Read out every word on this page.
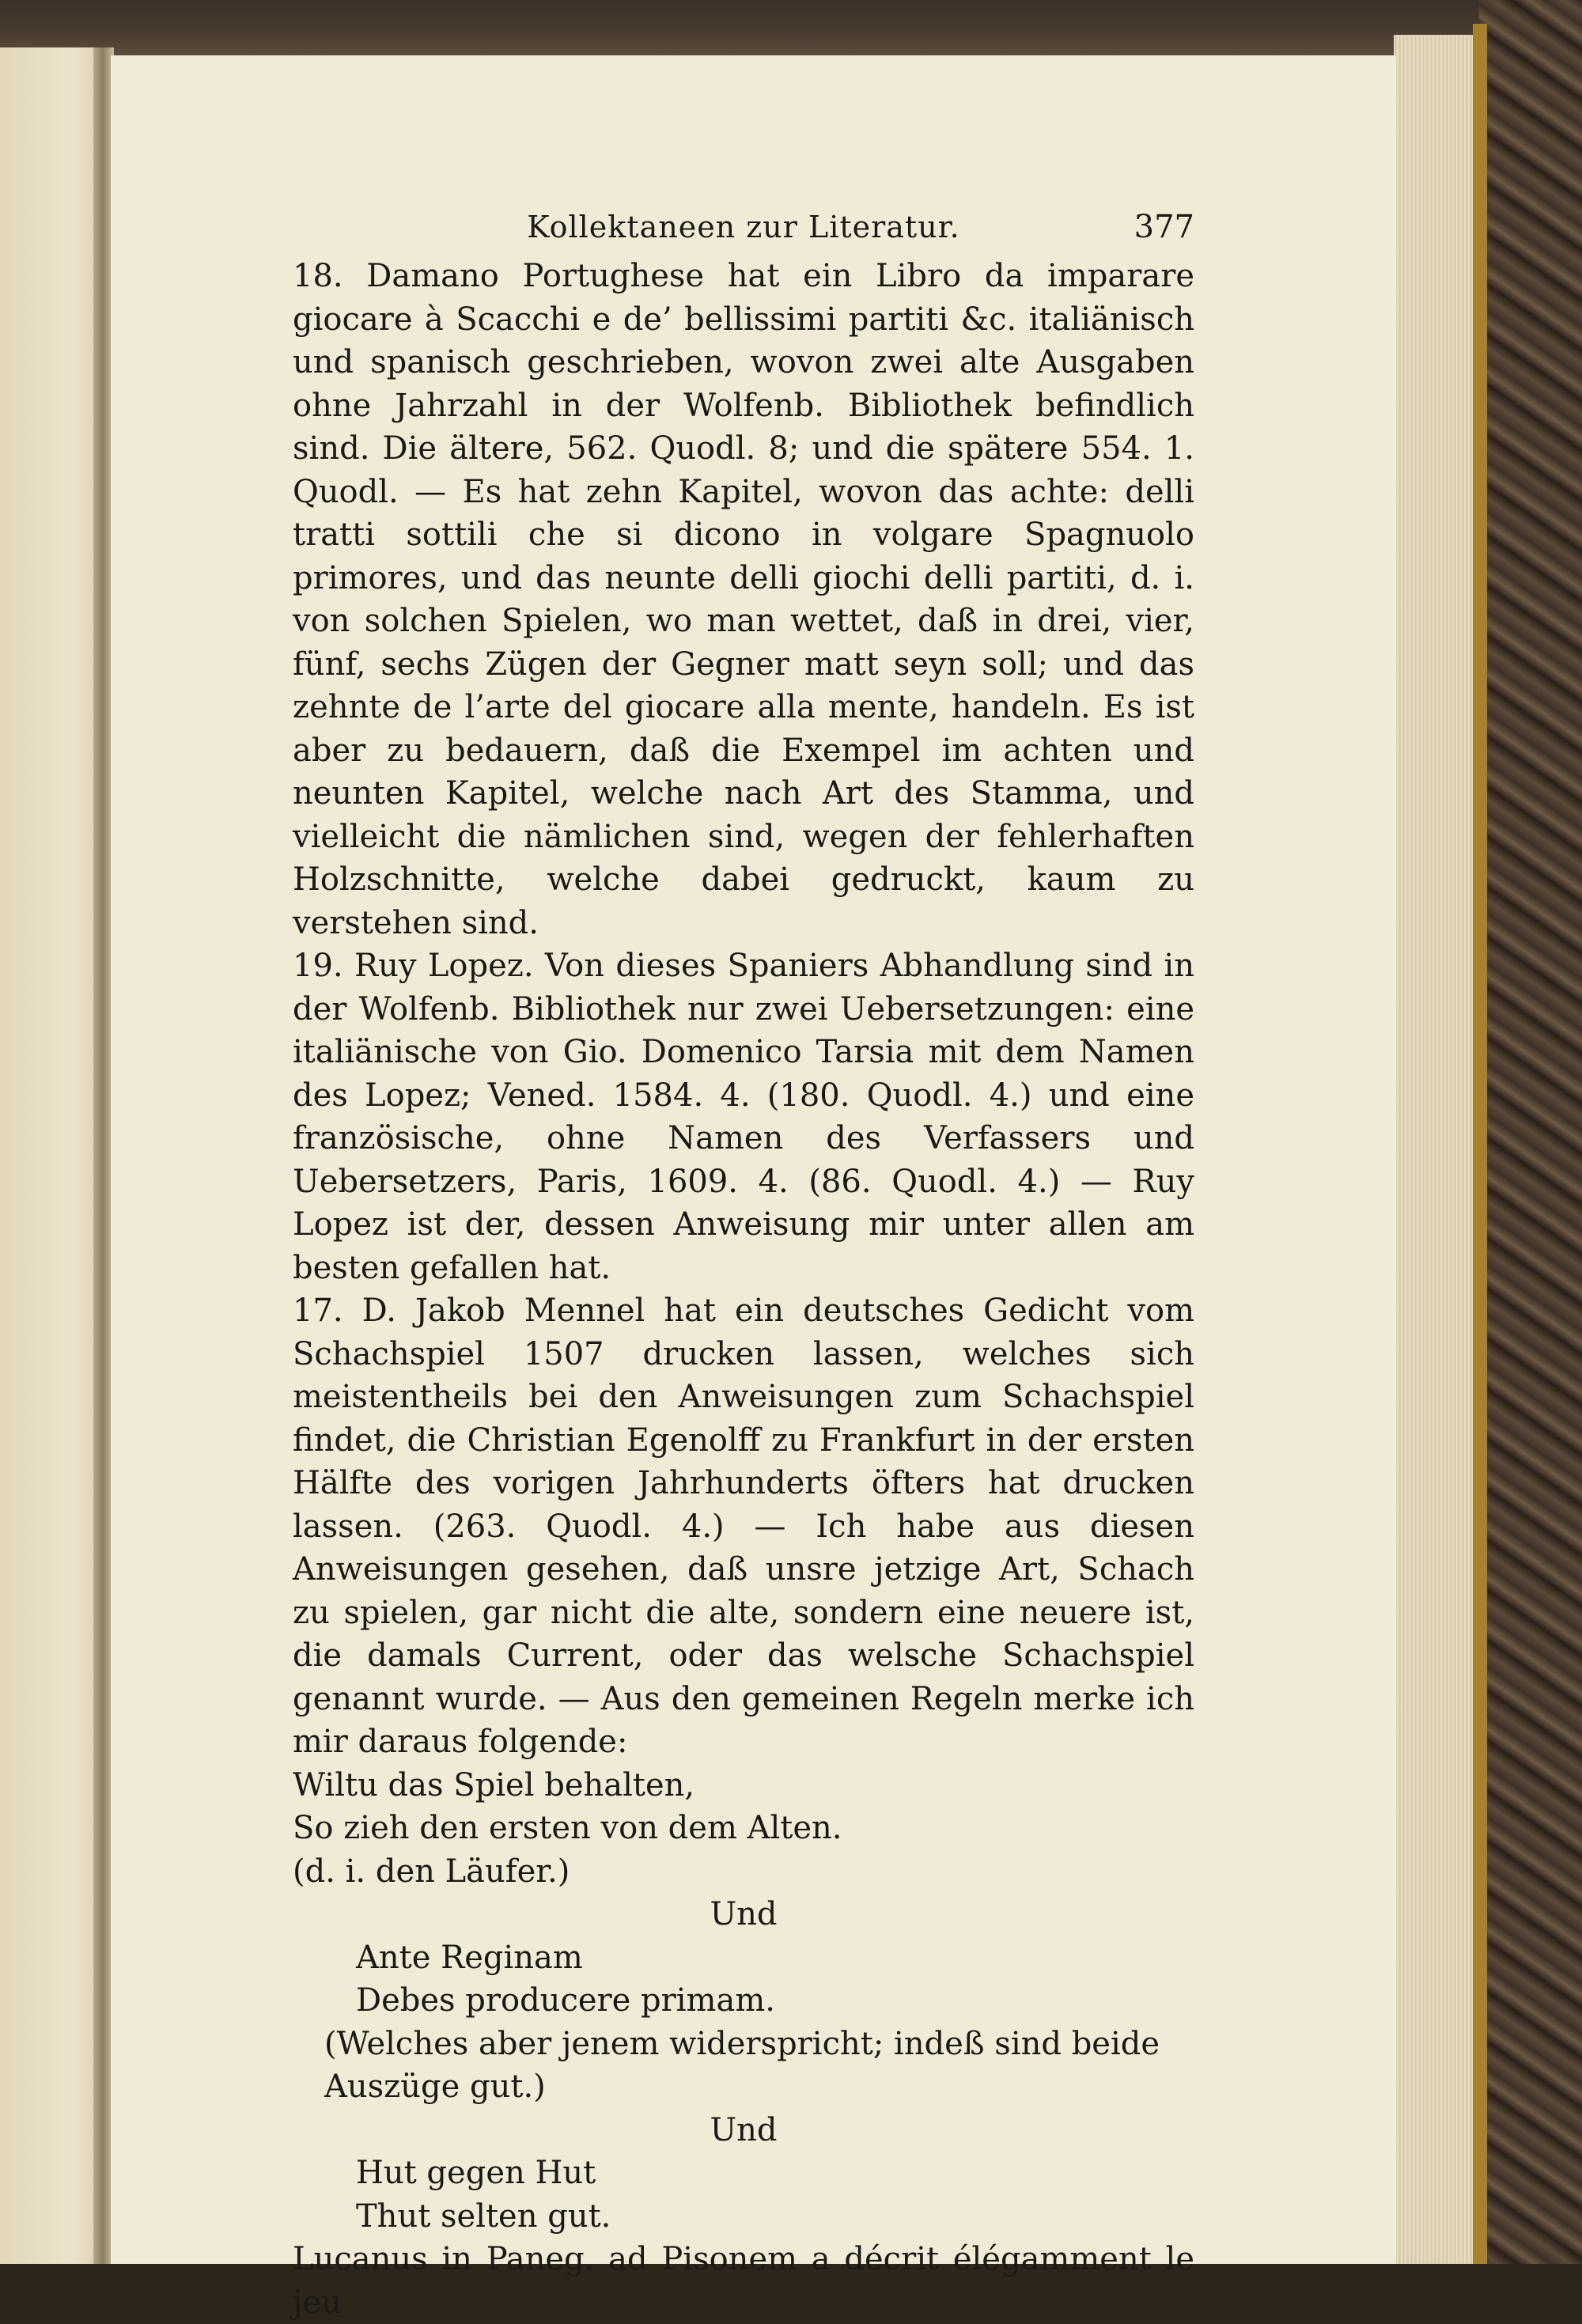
Kollektaneen zur Literatur.	377

18. Damano Portughese hat ein Libro da imparare giocare à Scacchi e de’ bellissimi partiti &c. italiänisch und spanisch geschrieben, wovon zwei alte Ausgaben ohne Jahrzahl in der Wolfenb. Bibliothek befindlich sind. Die ältere, 562. Quodl. 8; und die spätere 554. 1. Quodl. — Es hat zehn Kapitel, wovon das achte: delli tratti sottili che si dicono in volgare Spagnuolo primores, und das neunte delli giochi delli partiti, d. i. von solchen Spielen, wo man wettet, daß in drei, vier, fünf, sechs Zügen der Gegner matt seyn soll; und das zehnte de l’arte del giocare alla mente, handeln. Es ist aber zu bedauern, daß die Exempel im achten und neunten Kapitel, welche nach Art des Stamma, und vielleicht die nämlichen sind, wegen der fehlerhaften Holzschnitte, welche dabei gedruckt, kaum zu verstehen sind.

19. Ruy Lopez. Von dieses Spaniers Abhandlung sind in der Wolfenb. Bibliothek nur zwei Uebersetzungen: eine italiänische von Gio. Domenico Tarsia mit dem Namen des Lopez; Vened. 1584. 4. (180. Quodl. 4.) und eine französische, ohne Namen des Verfassers und Uebersetzers, Paris, 1609. 4. (86. Quodl. 4.) — Ruy Lopez ist der, dessen Anweisung mir unter allen am besten gefallen hat.

17. D. Jakob Mennel hat ein deutsches Gedicht vom Schachspiel 1507 drucken lassen, welches sich meistentheils bei den Anweisungen zum Schachspiel findet, die Christian Egenolff zu Frankfurt in der ersten Hälfte des vorigen Jahrhunderts öfters hat drucken lassen. (263. Quodl. 4.) — Ich habe aus diesen Anweisungen gesehen, daß unsre jetzige Art, Schach zu spielen, gar nicht die alte, sondern eine neuere ist, die damals Current, oder das welsche Schachspiel genannt wurde. — Aus den gemeinen Regeln merke ich mir daraus folgende:

Wiltu das Spiel behalten,

So zieh den ersten von dem Alten.

(d. i. den Läufer.)

Und

Ante Reginam

Debes producere primam.

(Welches aber jenem widerspricht; indeß sind beide Auszüge gut.)

Und

Hut gegen Hut

Thut selten gut.

Lucanus in Paneg. ad Pisonem a décrit élégamment le jeu
